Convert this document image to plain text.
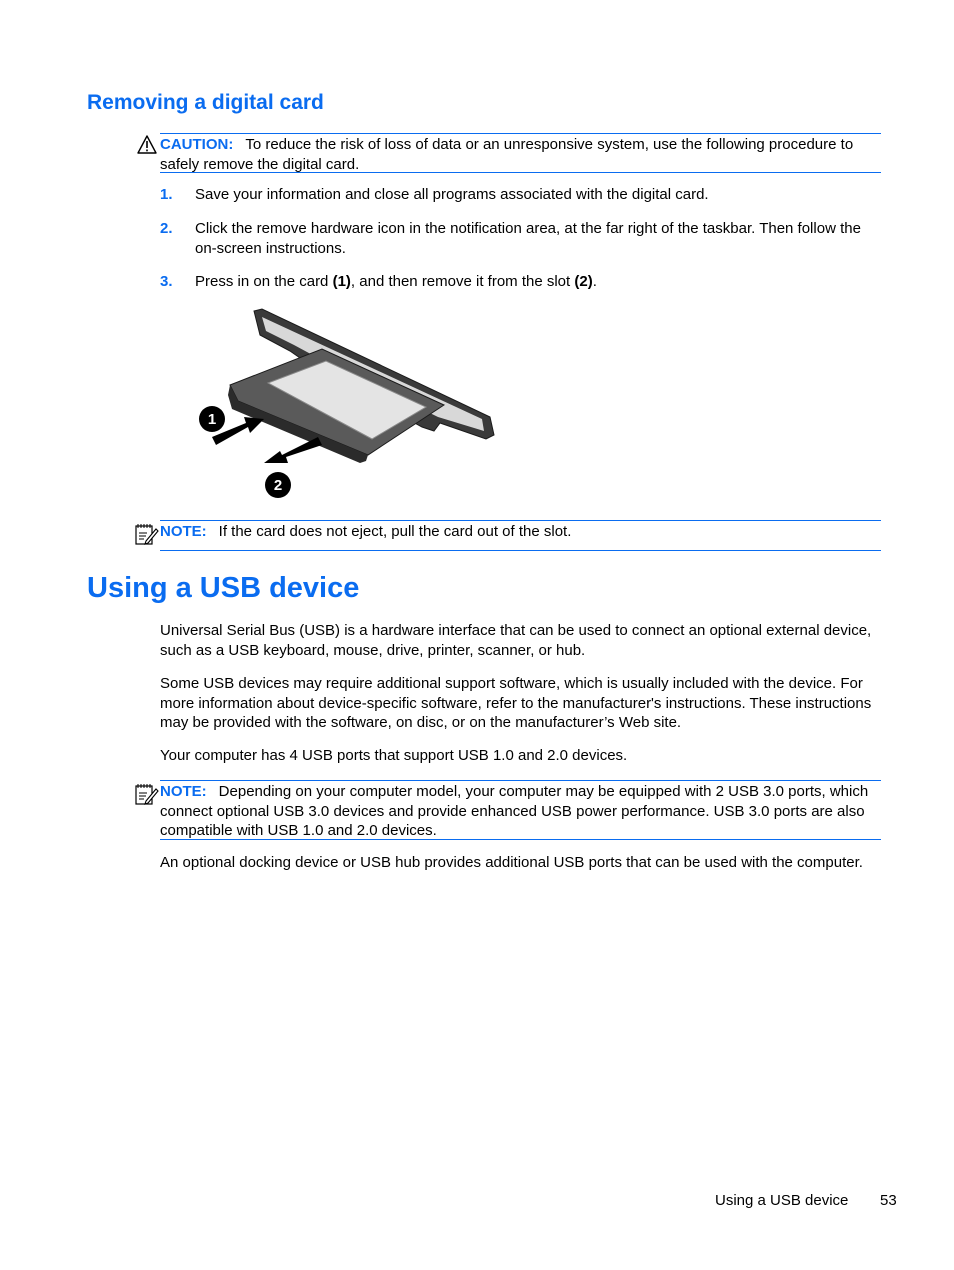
Removing a digital card
CAUTION: To reduce the risk of loss of data or an unresponsive system, use the following procedure to safely remove the digital card.
1. Save your information and close all programs associated with the digital card.
2. Click the remove hardware icon in the notification area, at the far right of the taskbar. Then follow the on-screen instructions.
3. Press in on the card (1), and then remove it from the slot (2).
1
2
NOTE: If the card does not eject, pull the card out of the slot.
Using a USB device
Universal Serial Bus (USB) is a hardware interface that can be used to connect an optional external device, such as a USB keyboard, mouse, drive, printer, scanner, or hub.
Some USB devices may require additional support software, which is usually included with the device. For more information about device-specific software, refer to the manufacturer's instructions. These instructions may be provided with the software, on disc, or on the manufacturer’s Web site.
Your computer has 4 USB ports that support USB 1.0 and 2.0 devices.
NOTE: Depending on your computer model, your computer may be equipped with 2 USB 3.0 ports, which connect optional USB 3.0 devices and provide enhanced USB power performance. USB 3.0 ports are also compatible with USB 1.0 and 2.0 devices.
An optional docking device or USB hub provides additional USB ports that can be used with the computer.
Using a USB device 53
